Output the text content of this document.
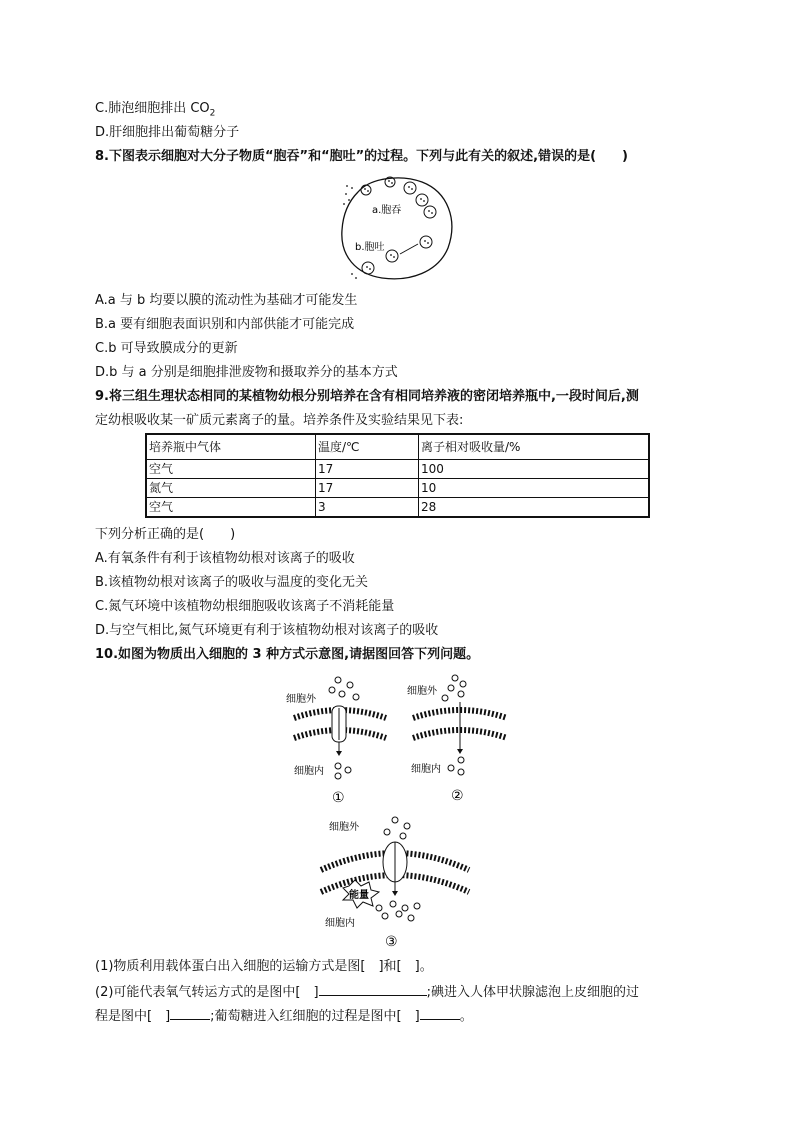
C.肺泡细胞排出 $CO_2$
D.肝细胞排出葡萄糖分子
8.下图表示细胞对大分子物质“胞吞”和“胞吐”的过程。下列与此有关的叙述,错误的是(　　)
a.胞吞
b.胞吐
A.a 与 b 均要以膜的流动性为基础才可能发生
B.a 要有细胞表面识别和内部供能才可能完成
C.b 可导致膜成分的更新
D.b 与 a 分别是细胞排泄废物和摄取养分的基本方式
9.将三组生理状态相同的某植物幼根分别培养在含有相同培养液的密闭培养瓶中,一段时间后,测
定幼根吸收某一矿质元素离子的量。培养条件及实验结果见下表:
培养瓶中气体	温度/℃	离子相对吸收量/%
空气	17	100
氮气	17	10
空气	3	28
下列分析正确的是(　　)
A.有氧条件有利于该植物幼根对该离子的吸收
B.该植物幼根对该离子的吸收与温度的变化无关
C.氮气环境中该植物幼根细胞吸收该离子不消耗能量
D.与空气相比,氮气环境更有利于该植物幼根对该离子的吸收
10.如图为物质出入细胞的 3 种方式示意图,请据图回答下列问题。
细胞外
细胞内
①
细胞外
细胞内
②
细胞外
能量
细胞内
③
(1)物质利用载体蛋白出入细胞的运输方式是图[　]和[　]。
(2)可能代表氧气转运方式的是图中[　]	;碘进入人体甲状腺滤泡上皮细胞的过
程是图中[　]	;葡萄糖进入红细胞的过程是图中[　]	。
